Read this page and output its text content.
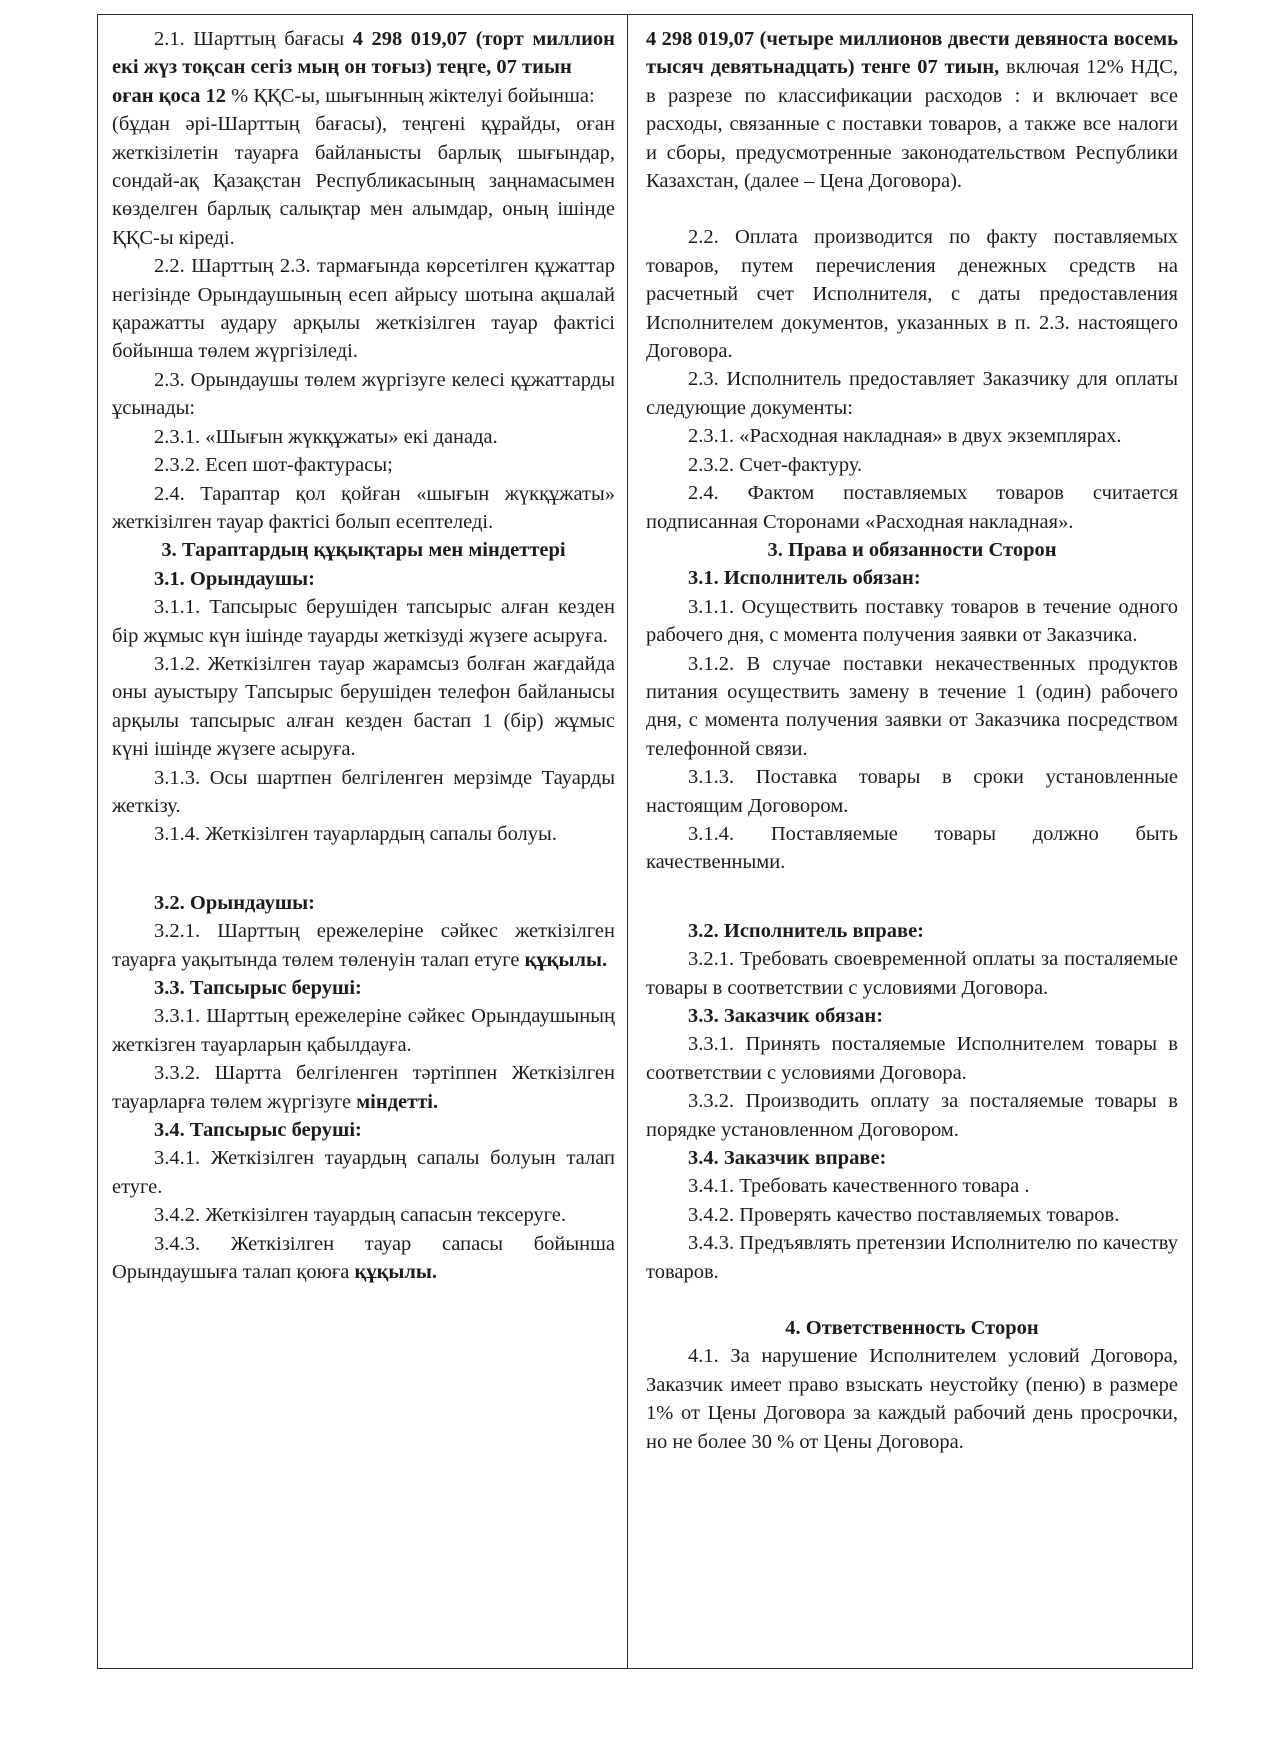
2.1. Шарттың бағасы 4 298 019,07 (торт миллион екі жүз тоқсан сегіз мың он тоғыз) теңге, 07 тиын

оған қоса 12 % ҚҚС-ы, шығынның жіктелуі бойынша:

(бұдан әрі-Шарттың бағасы), теңгені құрайды, оған жеткізілетін тауарға байланысты барлық шығындар, сондай-ақ Қазақстан Республикасының заңнамасымен көзделген барлық салықтар мен алымдар, оның ішінде ҚҚС-ы кіреді.

2.2. Шарттың 2.3. тармағында көрсетілген құжаттар негізінде Орындаушының есеп айрысу шотына ақшалай қаражатты аудару арқылы жеткізілген тауар фактісі бойынша төлем жүргізіледі.

2.3. Орындаушы төлем жүргізуге келесі құжаттарды ұсынады:

2.3.1. «Шығын жүкқұжаты» екі данада.

2.3.2. Есеп шот-фактурасы;

2.4. Тараптар қол қойған «шығын жүкқұжаты» жеткізілген тауар фактісі болып есептеледі.

3. Тараптардың құқықтары мен міндеттері

3.1. Орындаушы:

3.1.1. Тапсырыс берушіден тапсырыс алған кезден бір жұмыс күн ішінде тауарды жеткізуді жүзеге асыруға.

3.1.2. Жеткізілген тауар жарамсыз болған жағдайда оны ауыстыру Тапсырыс берушіден телефон байланысы арқылы тапсырыс алған кезден бастап 1 (бір) жұмыс күні ішінде жүзеге асыруға.

3.1.3. Осы шартпен белгіленген мерзімде Тауарды жеткізу.

3.1.4. Жеткізілген тауарлардың сапалы болуы.

3.2. Орындаушы:

3.2.1. Шарттың ережелеріне сәйкес жеткізілген тауарға уақытында төлем төленуін талап етуге құқылы.

3.3. Тапсырыс беруші:

3.3.1. Шарттың ережелеріне сәйкес Орындаушының жеткізген тауарларын қабылдауға.

3.3.2. Шартта белгіленген тәртіппен Жеткізілген тауарларға төлем жүргізуге міндетті.

3.4. Тапсырыс беруші:

3.4.1. Жеткізілген тауардың сапалы болуын талап етуге.

3.4.2. Жеткізілген тауардың сапасын тексеруге.

3.4.3. Жеткізілген тауар сапасы бойынша Орындаушыға талап қоюға құқылы.

4 298 019,07 (четыре миллионов двести девяноста восемь тысяч девятьнадцать) тенге 07 тиын, включая 12% НДС, в разрезе по классификации расходов : и включает все расходы, связанные с поставки товаров, а также все налоги и сборы, предусмотренные законодательством Республики Казахстан, (далее – Цена Договора).

2.2. Оплата производится по факту поставляемых товаров, путем перечисления денежных средств на расчетный счет Исполнителя, с даты предоставления Исполнителем документов, указанных в п. 2.3. настоящего Договора.

2.3. Исполнитель предоставляет Заказчику для оплаты следующие документы:

2.3.1. «Расходная накладная» в двух экземплярах.

2.3.2. Счет-фактуру.

2.4. Фактом поставляемых товаров считается подписанная Сторонами «Расходная накладная».

3. Права и обязанности Сторон

3.1. Исполнитель обязан:

3.1.1. Осуществить поставку товаров в течение одного рабочего дня, с момента получения заявки от Заказчика.

3.1.2. В случае поставки некачественных продуктов питания осуществить замену в течение 1 (один) рабочего дня, с момента получения заявки от Заказчика посредством телефонной связи.

3.1.3. Поставка товары в сроки установленные настоящим Договором.

3.1.4. Поставляемые товары должно быть качественными.

3.2. Исполнитель вправе:

3.2.1. Требовать своевременной оплаты за посталяемые товары в соответствии с условиями Договора.

3.3. Заказчик обязан:

3.3.1. Принять посталяемые Исполнителем товары в соответствии с условиями Договора.

3.3.2. Производить оплату за посталяемые товары в порядке установленном Договором.

3.4. Заказчик вправе:

3.4.1. Требовать качественного товара .

3.4.2. Проверять качество поставляемых товаров.

3.4.3. Предъявлять претензии Исполнителю по качеству товаров.

4. Ответственность Сторон

4.1. За нарушение Исполнителем условий Договора, Заказчик имеет право взыскать неустойку (пеню) в размере 1% от Цены Договора за каждый рабочий день просрочки, но не более 30 % от Цены Договора.
